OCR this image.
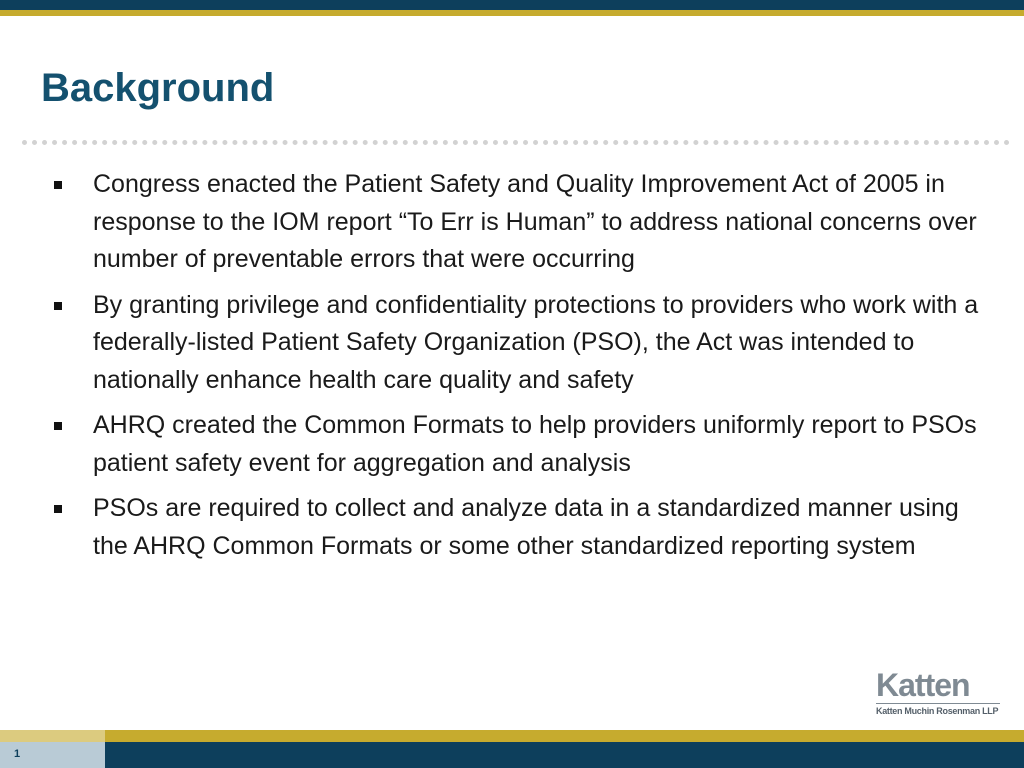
Background
Congress enacted the Patient Safety and Quality Improvement Act of 2005 in response to the IOM report “To Err is Human” to address national concerns over number of preventable errors that were occurring
By granting privilege and confidentiality protections to providers who work with a federally-listed Patient Safety Organization (PSO), the Act was intended to nationally enhance health care quality and safety
AHRQ created the Common Formats to help providers uniformly report to PSOs patient safety event for aggregation and analysis
PSOs are required to collect and analyze data in a standardized manner using the AHRQ Common Formats or some other standardized reporting system
Katten
Katten Muchin Rosenman LLP
1
